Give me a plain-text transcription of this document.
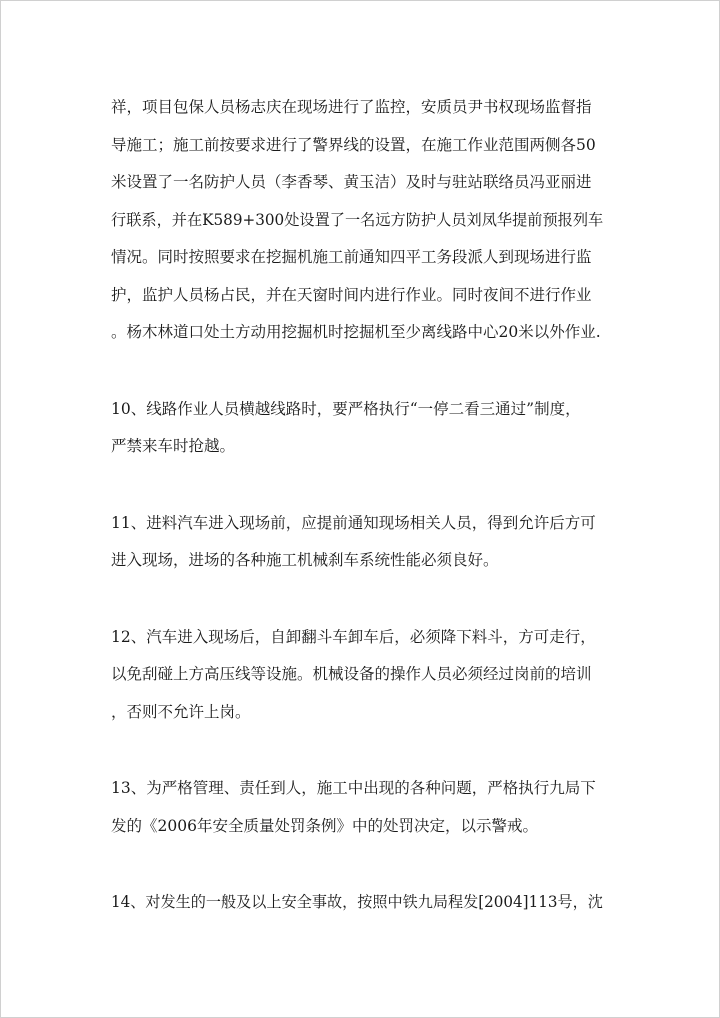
祥，项目包保人员杨志庆在现场进行了监控，安质员尹书权现场监督指
导施工；施工前按要求进行了警界线的设置，在施工作业范围两侧各50
米设置了一名防护人员（李香琴、黄玉洁）及时与驻站联络员冯亚丽进
行联系，并在K589+300处设置了一名远方防护人员刘凤华提前预报列车
情况。同时按照要求在挖掘机施工前通知四平工务段派人到现场进行监
护，监护人员杨占民，并在天窗时间内进行作业。同时夜间不进行作业
。杨木林道口处土方动用挖掘机时挖掘机至少离线路中心20米以外作业.
10、线路作业人员横越线路时，要严格执行“一停二看三通过”制度，
严禁来车时抢越。
11、进料汽车进入现场前，应提前通知现场相关人员，得到允许后方可
进入现场，进场的各种施工机械刹车系统性能必须良好。
12、汽车进入现场后，自卸翻斗车卸车后，必须降下料斗，方可走行，
以免刮碰上方高压线等设施。机械设备的操作人员必须经过岗前的培训
，否则不允许上岗。
13、为严格管理、责任到人，施工中出现的各种问题，严格执行九局下
发的《2006年安全质量处罚条例》中的处罚决定，以示警戒。
14、对发生的一般及以上安全事故，按照中铁九局程发[2004]113号，沈
